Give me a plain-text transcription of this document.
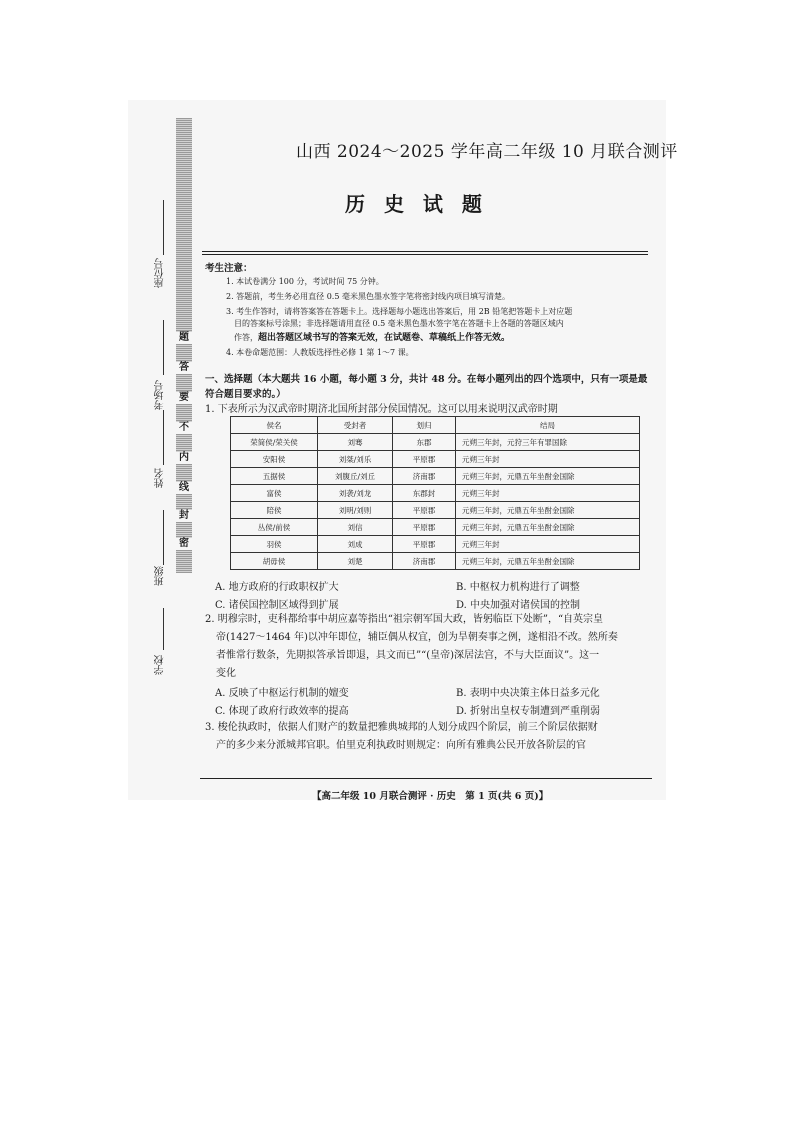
题
答
要
不
内
线
封
密
座位号
考场号
姓名
班级
学校
山西 2024～2025 学年高二年级 10 月联合测评
历 史 试 题
考生注意：
1. 本试卷满分 100 分，考试时间 75 分钟。
2. 答题前，考生务必用直径 0.5 毫米黑色墨水签字笔将密封线内项目填写清楚。
3. 考生作答时，请将答案答在答题卡上。选择题每小题选出答案后，用 2B 铅笔把答题卡上对应题
目的答案标号涂黑；非选择题请用直径 0.5 毫米黑色墨水签字笔在答题卡上各题的答题区域内
作答，超出答题区域书写的答案无效，在试题卷、草稿纸上作答无效。
4. 本卷命题范围：人教版选择性必修 1 第 1～7 课。
一、选择题（本大题共 16 小题，每小题 3 分，共计 48 分。在每小题列出的四个选项中，只有一项是最符合题目要求的。）
1. 下表所示为汉武帝时期济北国所封部分侯国情况。这可以用来说明汉武帝时期
侯名	受封者	划归	结局
荣简侯/荣关侯	刘骞	东郡	元朔三年封，元狩三年有罪国除
安阳侯	刘桀/刘乐	平原郡	元朔三年封
五据侯	刘腹丘/刘丘	济南郡	元朔三年封，元鼎五年坐酎金国除
富侯	刘袭/刘龙	东郡封	元朔三年封
陪侯	刘明/刘则	平原郡	元朔三年封，元鼎五年坐酎金国除
丛侯/前侯	刘信	平原郡	元朔三年封，元鼎五年坐酎金国除
羽侯	刘成	平原郡	元朔三年封
胡毋侯	刘楚	济南郡	元朔三年封，元鼎五年坐酎金国除
A. 地方政府的行政职权扩大	B. 中枢权力机构进行了调整
C. 诸侯国控制区域得到扩展	D. 中央加强对诸侯国的控制
2. 明穆宗时，吏科都给事中胡应嘉等指出“祖宗朝军国大政，皆躬临臣下处断”，“自英宗皇
帝(1427～1464 年)以冲年即位，辅臣偶从权宜，创为旱朝奏事之例，遂相沿不改。然所奏
者惟常行数条，先期拟答承旨即退，具文而已”“(皇帝)深居法宫，不与大臣面议”。这一
变化
A. 反映了中枢运行机制的嬗变	B. 表明中央决策主体日益多元化
C. 体现了政府行政效率的提高	D. 折射出皇权专制遭到严重削弱
3. 梭伦执政时，依据人们财产的数量把雅典城邦的人划分成四个阶层，前三个阶层依据财
产的多少来分派城邦官职。伯里克利执政时则规定：向所有雅典公民开放各阶层的官
【高二年级 10 月联合测评 · 历史　第 1 页(共 6 页)】
